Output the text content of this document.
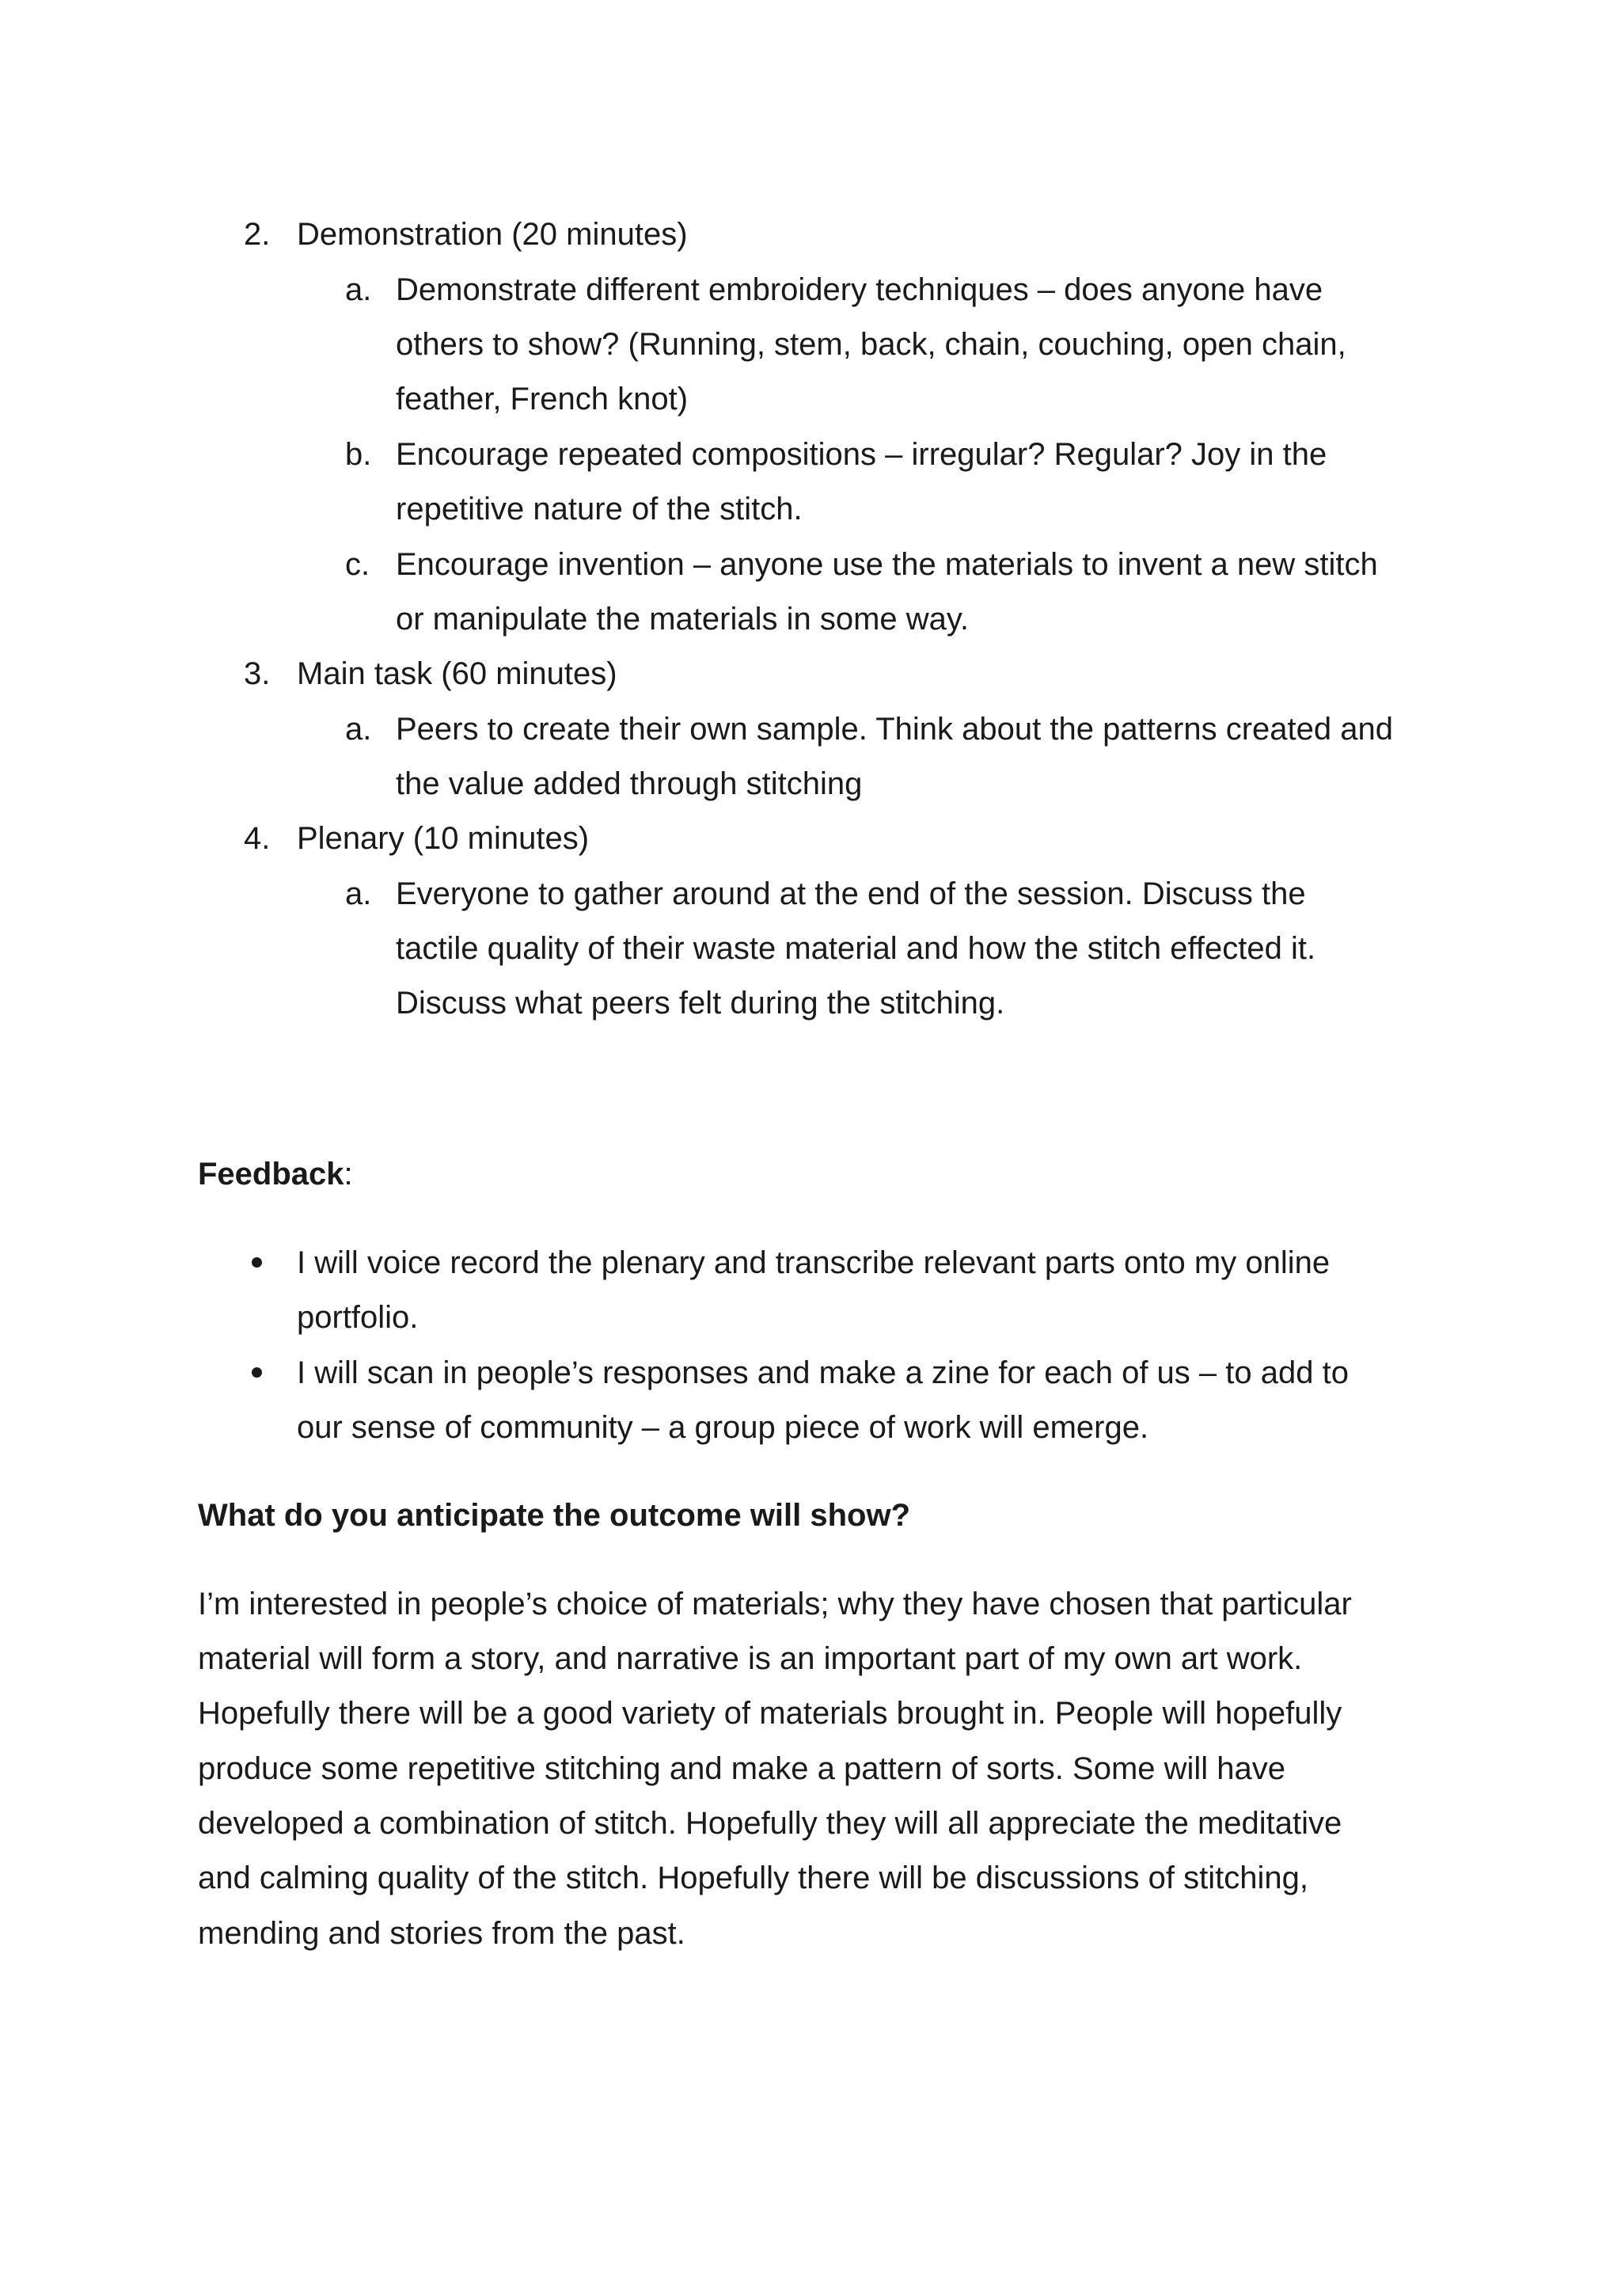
2. Demonstration (20 minutes)
a. Demonstrate different embroidery techniques – does anyone have
others to show? (Running, stem, back, chain, couching, open chain,
feather, French knot)
b. Encourage repeated compositions – irregular? Regular? Joy in the
repetitive nature of the stitch.
c. Encourage invention – anyone use the materials to invent a new stitch
or manipulate the materials in some way.
3. Main task (60 minutes)
a. Peers to create their own sample. Think about the patterns created and
the value added through stitching
4. Plenary (10 minutes)
a. Everyone to gather around at the end of the session. Discuss the
tactile quality of their waste material and how the stitch effected it.
Discuss what peers felt during the stitching.
Feedback:
I will voice record the plenary and transcribe relevant parts onto my online
portfolio.
I will scan in people’s responses and make a zine for each of us – to add to
our sense of community – a group piece of work will emerge.
What do you anticipate the outcome will show?
I’m interested in people’s choice of materials; why they have chosen that particular
material will form a story, and narrative is an important part of my own art work.
Hopefully there will be a good variety of materials brought in. People will hopefully
produce some repetitive stitching and make a pattern of sorts. Some will have
developed a combination of stitch. Hopefully they will all appreciate the meditative
and calming quality of the stitch. Hopefully there will be discussions of stitching,
mending and stories from the past.
